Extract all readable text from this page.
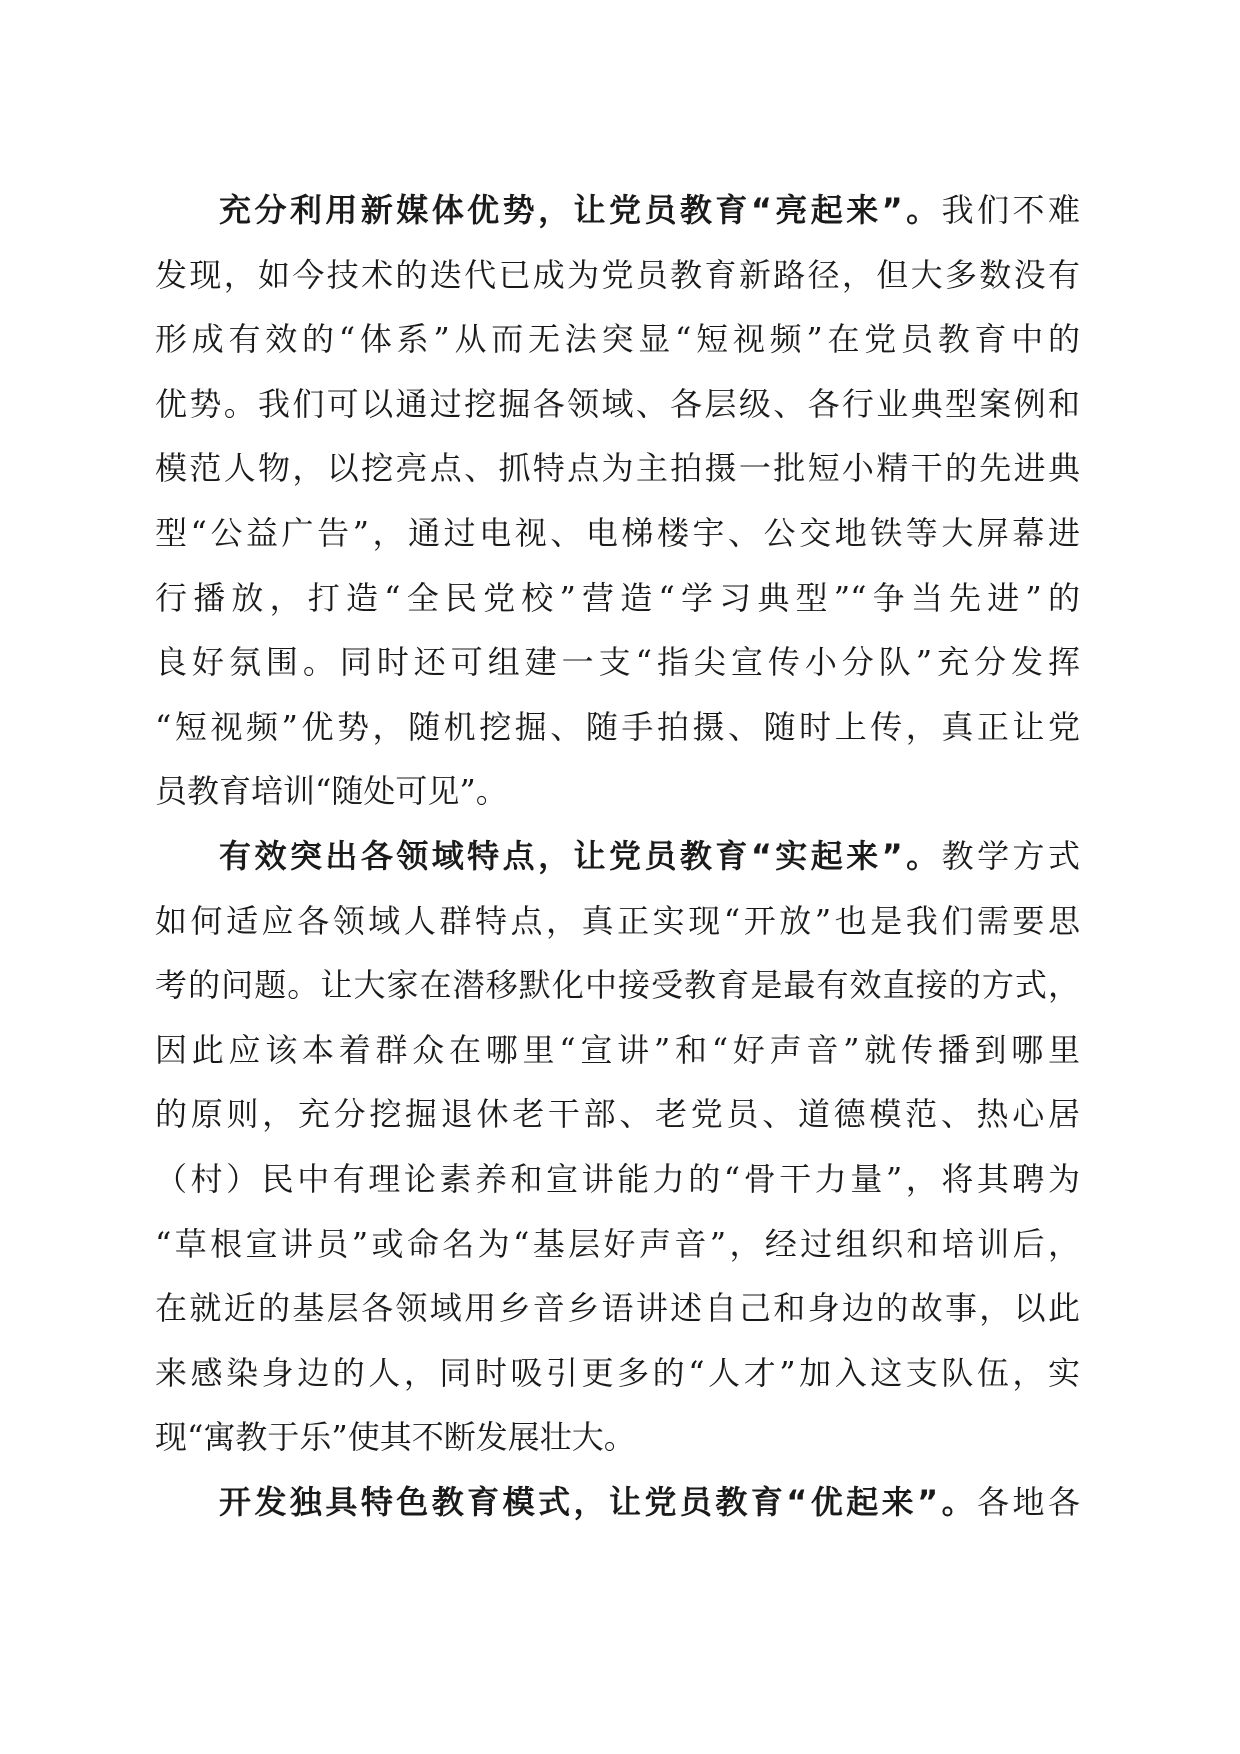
充分利用新媒体优势，让党员教育“亮起来”。我们不难
发现，如今技术的迭代已成为党员教育新路径，但大多数没有
形成有效的“体系”从而无法突显“短视频”在党员教育中的
优势。我们可以通过挖掘各领域、各层级、各行业典型案例和
模范人物，以挖亮点、抓特点为主拍摄一批短小精干的先进典
型“公益广告”，通过电视、电梯楼宇、公交地铁等大屏幕进
行播放，打造“全民党校”营造“学习典型”“争当先进”的
良好氛围。同时还可组建一支“指尖宣传小分队”充分发挥
“短视频”优势，随机挖掘、随手拍摄、随时上传，真正让党
员教育培训“随处可见”。
有效突出各领域特点，让党员教育“实起来”。教学方式
如何适应各领域人群特点，真正实现“开放”也是我们需要思
考的问题。让大家在潜移默化中接受教育是最有效直接的方式，
因此应该本着群众在哪里“宣讲”和“好声音”就传播到哪里
的原则，充分挖掘退休老干部、老党员、道德模范、热心居
（村）民中有理论素养和宣讲能力的“骨干力量”，将其聘为
“草根宣讲员”或命名为“基层好声音”，经过组织和培训后，
在就近的基层各领域用乡音乡语讲述自己和身边的故事，以此
来感染身边的人，同时吸引更多的“人才”加入这支队伍，实
现“寓教于乐”使其不断发展壮大。
开发独具特色教育模式，让党员教育“优起来”。各地各
